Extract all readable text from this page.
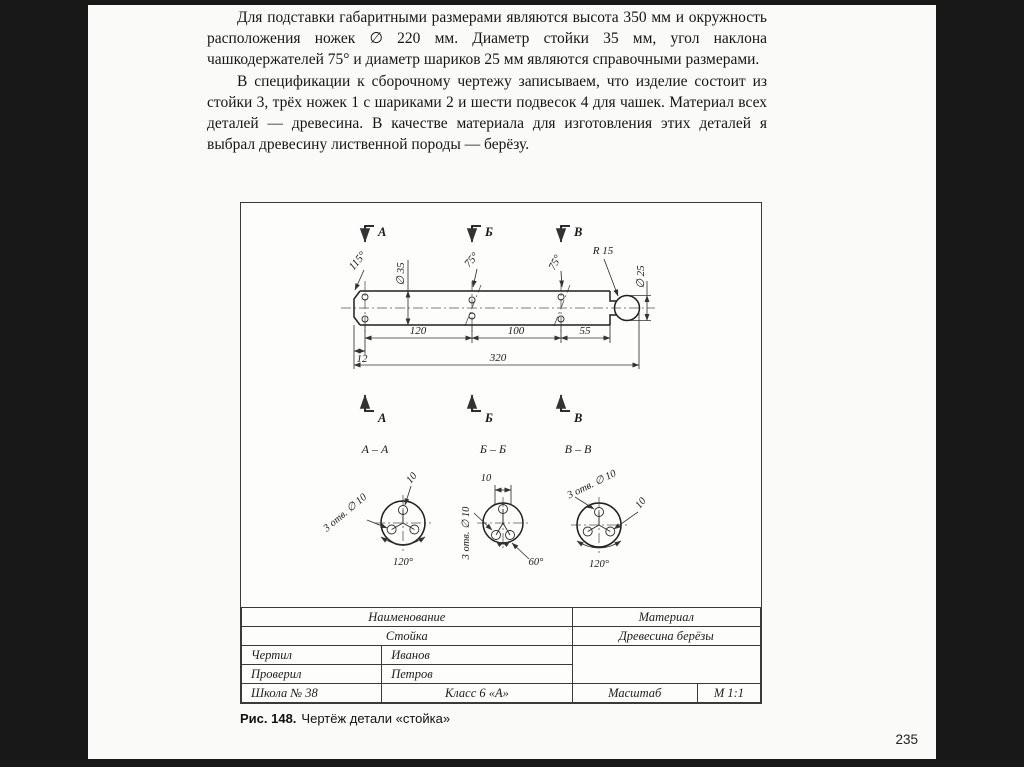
Для подставки габаритными размерами являются высота 350 мм и окружность расположения ножек ∅ 220 мм. Диаметр стойки 35 мм, угол наклона чашкодержателей 75° и диаметр шариков 25 мм являются справочными размерами.

В спецификации к сборочному чертежу записываем, что изделие состоит из стойки 3, трёх ножек 1 с шариками 2 и шести подвесок 4 для чашек. Материал всех деталей — древесина. В качестве материала для изготовления этих деталей я выбрал древесину лиственной породы — берёзу.

А	Б	В
∅ 35
115°	75°	75°
R 15
∅ 25
120	100	55
12	320
А	Б	В
А – А
3 отв. ∅ 10
10
120°
Б – Б
10
3 отв. ∅ 10
60°
В – В
3 отв. ∅ 10
10
120°
Наименование		Материал	
Стойка		Древесина берёзы	
Чертил	Иванов		
Проверил	Петров		
Школа № 38	Класс 6 «А»	Масштаб	М 1:1
Рис. 148. Чертёж детали «стойка»
235
